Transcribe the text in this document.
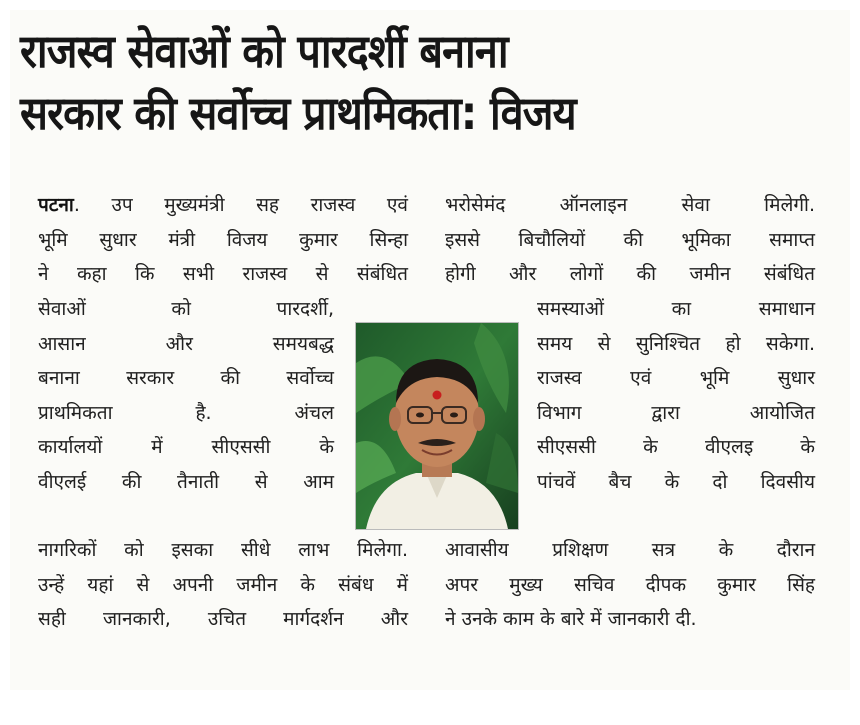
राजस्व सेवाओं को पारदर्शी बनाना
सरकार की सर्वोच्च प्राथमिकता: विजय
पटना. उप मुख्यमंत्री सह राजस्व एवं
भूमि सुधार मंत्री विजय कुमार सिन्हा
ने कहा कि सभी राजस्व से संबंधित
सेवाओं को पारदर्शी,
आसान और समयबद्ध
बनाना सरकार की सर्वोच्च
प्राथमिकता है. अंचल
कार्यालयों में सीएससी के
वीएलई की तैनाती से आम
नागरिकों को इसका सीधे लाभ मिलेगा.
उन्हें यहां से अपनी जमीन के संबंध में
सही जानकारी, उचित मार्गदर्शन और
भरोसेमंद ऑनलाइन सेवा मिलेगी.
इससे बिचौलियों की भूमिका समाप्त
होगी और लोगों की जमीन संबंधित
समस्याओं का समाधान
समय से सुनिश्चित हो सकेगा.
राजस्व एवं भूमि सुधार
विभाग द्वारा आयोजित
सीएससी के वीएलइ के
पांचवें बैच के दो दिवसीय
आवासीय प्रशिक्षण सत्र के दौरान
अपर मुख्य सचिव दीपक कुमार सिंह
ने उनके काम के बारे में जानकारी दी.
